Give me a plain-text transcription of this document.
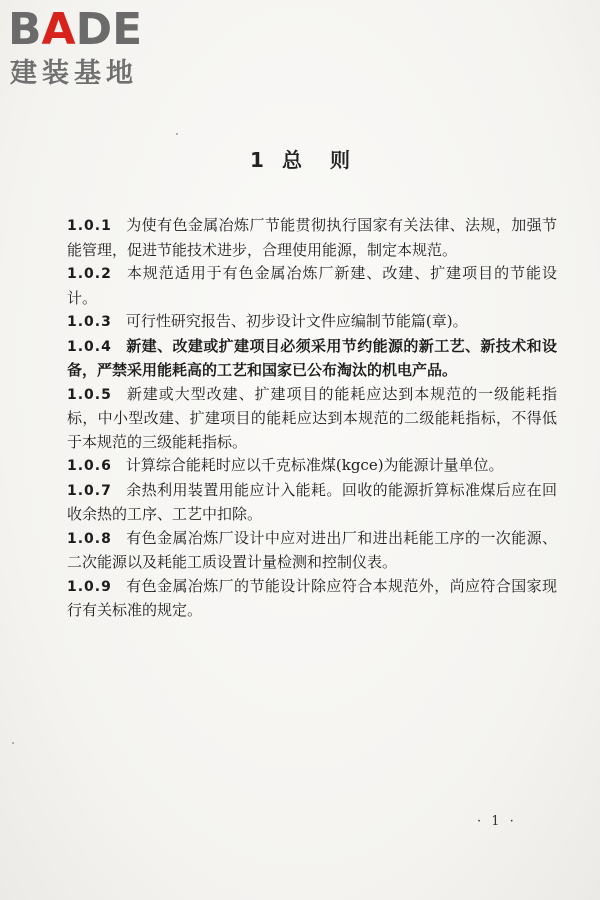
BADE
建装基地
1 总 则

1.0.1 为使有色金属冶炼厂节能贯彻执行国家有关法律、法规，加强节能管理，促进节能技术进步，合理使用能源，制定本规范。

1.0.2 本规范适用于有色金属冶炼厂新建、改建、扩建项目的节能设计。

1.0.3 可行性研究报告、初步设计文件应编制节能篇(章)。

1.0.4 新建、改建或扩建项目必须采用节约能源的新工艺、新技术和设备，严禁采用能耗高的工艺和国家已公布淘汰的机电产品。

1.0.5 新建或大型改建、扩建项目的能耗应达到本规范的一级能耗指标，中小型改建、扩建项目的能耗应达到本规范的二级能耗指标，不得低于本规范的三级能耗指标。

1.0.6 计算综合能耗时应以千克标准煤(kgce)为能源计量单位。

1.0.7 余热利用装置用能应计入能耗。回收的能源折算标准煤后应在回收余热的工序、工艺中扣除。

1.0.8 有色金属冶炼厂设计中应对进出厂和进出耗能工序的一次能源、二次能源以及耗能工质设置计量检测和控制仪表。

1.0.9 有色金属冶炼厂的节能设计除应符合本规范外，尚应符合国家现行有关标准的规定。

· 1 ·
